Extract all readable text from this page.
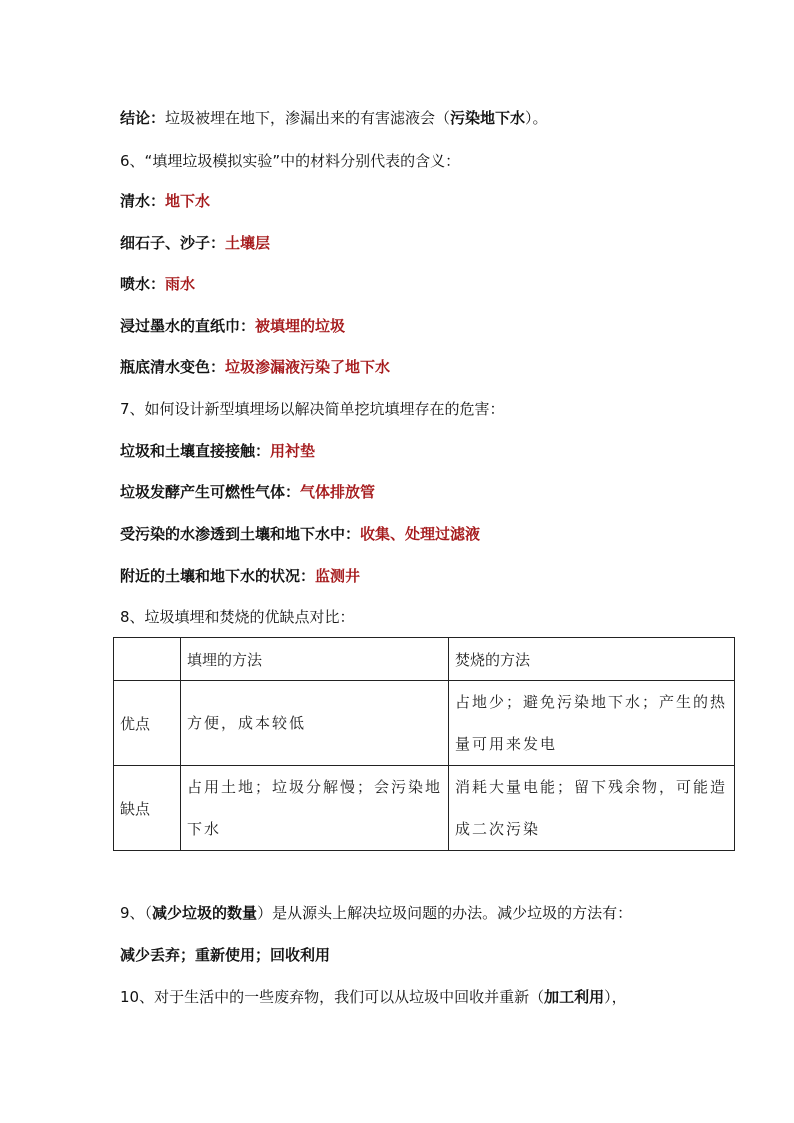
结论：垃圾被埋在地下，渗漏出来的有害滤液会（污染地下水）。
6、“填埋垃圾模拟实验”中的材料分别代表的含义：
清水：地下水
细石子、沙子：土壤层
喷水：雨水
浸过墨水的直纸巾：被填埋的垃圾
瓶底清水变色：垃圾渗漏液污染了地下水
7、如何设计新型填埋场以解决简单挖坑填埋存在的危害：
垃圾和土壤直接接触：用衬垫
垃圾发酵产生可燃性气体：气体排放管
受污染的水渗透到土壤和地下水中：收集、处理过滤液
附近的土壤和地下水的状况：监测井
8、垃圾填埋和焚烧的优缺点对比：
	填埋的方法	焚烧的方法
优点	方便，成本较低	占地少；避免污染地下水；产生的热量可用来发电
缺点	占用土地；垃圾分解慢；会污染地下水	消耗大量电能；留下残余物，可能造成二次污染
9、（减少垃圾的数量）是从源头上解决垃圾问题的办法。减少垃圾的方法有：
减少丢弃；重新使用；回收利用
10、对于生活中的一些废弃物，我们可以从垃圾中回收并重新（加工利用），
